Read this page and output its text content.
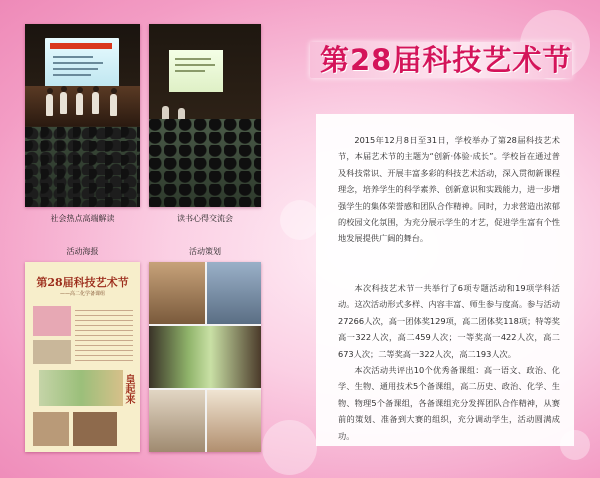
社会热点高端解读	读书心得交流会
活动海报
第28届科技艺术节
——高二化学备课组
皇起来
活动策划
第28届科技艺术节

2015年12月8日至31日，学校举办了第28届科技艺术节，本届艺术节的主题为“创新·体验·成长”。学校旨在通过普及科技常识、开展丰富多彩的科技艺术活动，深入贯彻新课程理念，培养学生的科学素养、创新意识和实践能力，进一步增强学生的集体荣誉感和团队合作精神。同时，力求营造出浓郁的校园文化氛围，为充分展示学生的才艺，促进学生富有个性地发展提供广阔的舞台。

本次科技艺术节一共举行了6项专题活动和19项学科活动。这次活动形式多样、内容丰富、师生参与度高。参与活动27266人次，高一团体奖129项，高二团体奖118项；特等奖高一322人次，高二459人次；一等奖高一422人次，高二673人次；二等奖高一322人次，高二193人次。

本次活动共评出10个优秀备课组：高一语文、政治、化学、生物、通用技术5个备课组，高二历史、政治、化学、生物、物理5个备课组，各备课组充分发挥团队合作精神，从赛前的策划、准备到大赛的组织，充分调动学生，活动圆满成功。
